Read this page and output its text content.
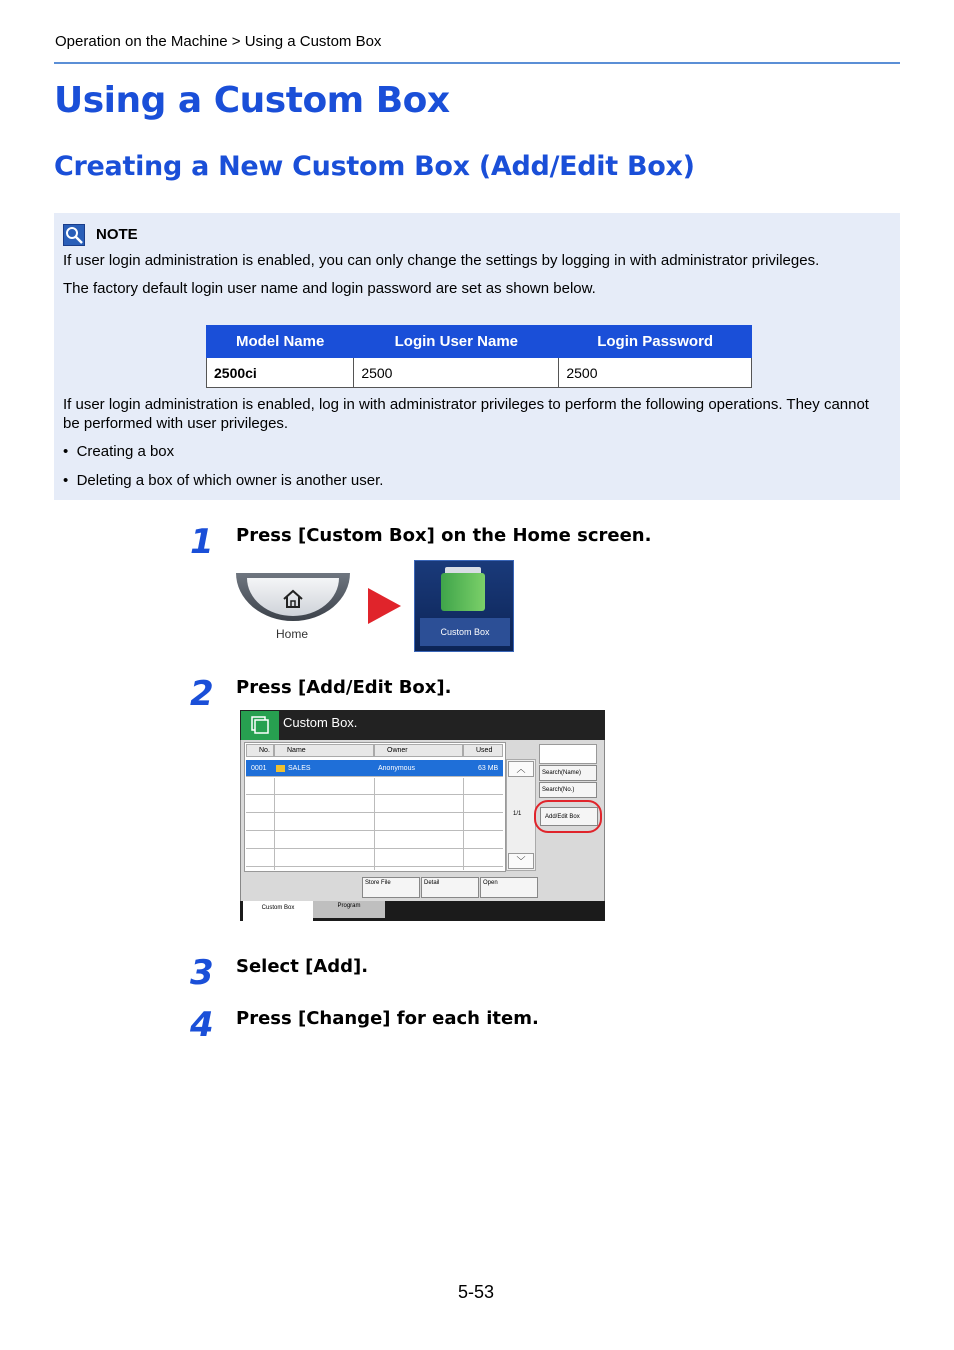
Operation on the Machine > Using a Custom Box
Using a Custom Box
Creating a New Custom Box (Add/Edit Box)
NOTE
If user login administration is enabled, you can only change the settings by logging in with administrator privileges.
The factory default login user name and login password are set as shown below.
Model Name	Login User Name	Login Password
2500ci	2500	2500
If user login administration is enabled, log in with administrator privileges to perform the following operations. They cannot be performed with user privileges.
•  Creating a box
•  Deleting a box of which owner is another user.
1 Press [Custom Box] on the Home screen.
Home	Custom Box
2 Press [Add/Edit Box].
Custom Box.
No.	Name	Owner	Used
0001	SALES	Anonymous	63 MB	︿
1/1
﹀
Search(Name)
Search(No.)
Add/Edit Box
Store File	Detail	Open
Custom Box	Program
3 Select [Add].
4 Press [Change] for each item.
5-53
